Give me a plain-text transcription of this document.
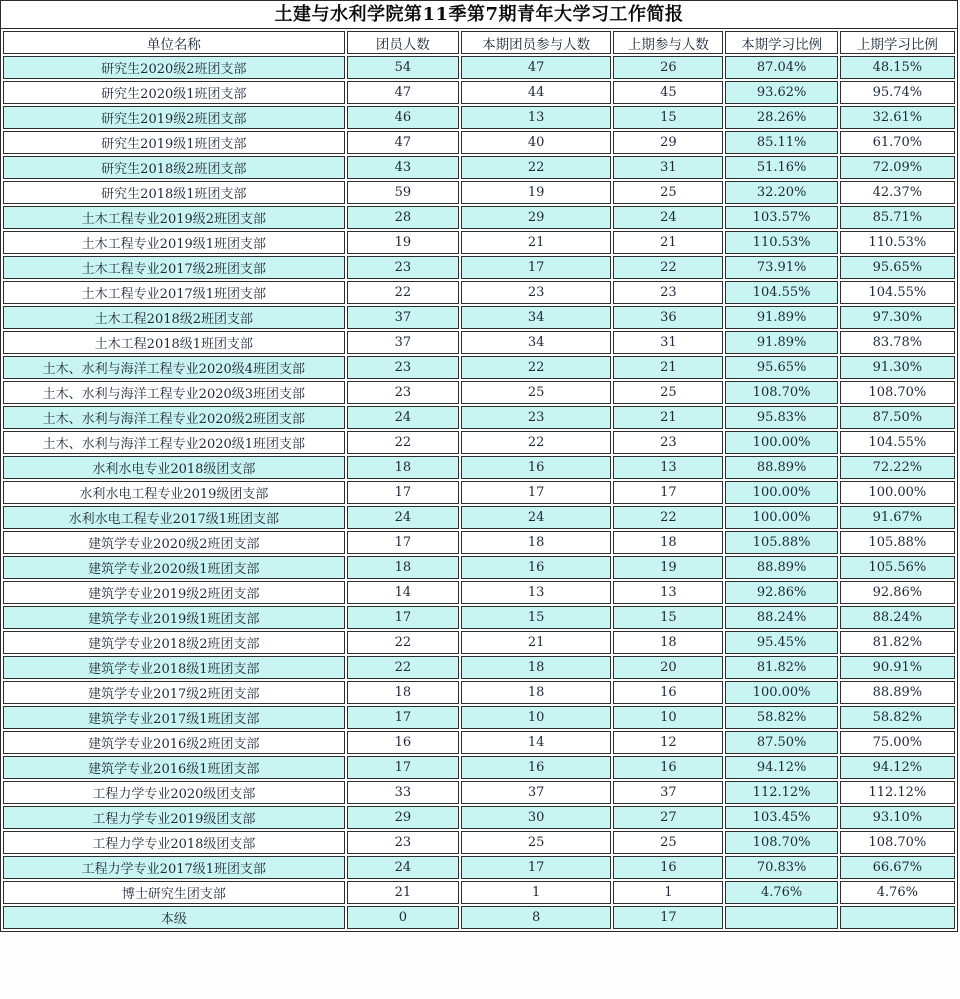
土建与水利学院第11季第7期青年大学习工作简报
单位名称	团员人数	本期团员参与人数	上期参与人数	本期学习比例	上期学习比例
研究生2020级2班团支部	54	47	26	87.04%	48.15%
研究生2020级1班团支部	47	44	45	93.62%	95.74%
研究生2019级2班团支部	46	13	15	28.26%	32.61%
研究生2019级1班团支部	47	40	29	85.11%	61.70%
研究生2018级2班团支部	43	22	31	51.16%	72.09%
研究生2018级1班团支部	59	19	25	32.20%	42.37%
土木工程专业2019级2班团支部	28	29	24	103.57%	85.71%
土木工程专业2019级1班团支部	19	21	21	110.53%	110.53%
土木工程专业2017级2班团支部	23	17	22	73.91%	95.65%
土木工程专业2017级1班团支部	22	23	23	104.55%	104.55%
土木工程2018级2班团支部	37	34	36	91.89%	97.30%
土木工程2018级1班团支部	37	34	31	91.89%	83.78%
土木、水利与海洋工程专业2020级4班团支部	23	22	21	95.65%	91.30%
土木、水利与海洋工程专业2020级3班团支部	23	25	25	108.70%	108.70%
土木、水利与海洋工程专业2020级2班团支部	24	23	21	95.83%	87.50%
土木、水利与海洋工程专业2020级1班团支部	22	22	23	100.00%	104.55%
水利水电专业2018级团支部	18	16	13	88.89%	72.22%
水利水电工程专业2019级团支部	17	17	17	100.00%	100.00%
水利水电工程专业2017级1班团支部	24	24	22	100.00%	91.67%
建筑学专业2020级2班团支部	17	18	18	105.88%	105.88%
建筑学专业2020级1班团支部	18	16	19	88.89%	105.56%
建筑学专业2019级2班团支部	14	13	13	92.86%	92.86%
建筑学专业2019级1班团支部	17	15	15	88.24%	88.24%
建筑学专业2018级2班团支部	22	21	18	95.45%	81.82%
建筑学专业2018级1班团支部	22	18	20	81.82%	90.91%
建筑学专业2017级2班团支部	18	18	16	100.00%	88.89%
建筑学专业2017级1班团支部	17	10	10	58.82%	58.82%
建筑学专业2016级2班团支部	16	14	12	87.50%	75.00%
建筑学专业2016级1班团支部	17	16	16	94.12%	94.12%
工程力学专业2020级团支部	33	37	37	112.12%	112.12%
工程力学专业2019级团支部	29	30	27	103.45%	93.10%
工程力学专业2018级团支部	23	25	25	108.70%	108.70%
工程力学专业2017级1班团支部	24	17	16	70.83%	66.67%
博士研究生团支部	21	1	1	4.76%	4.76%
本级	0	8	17		
